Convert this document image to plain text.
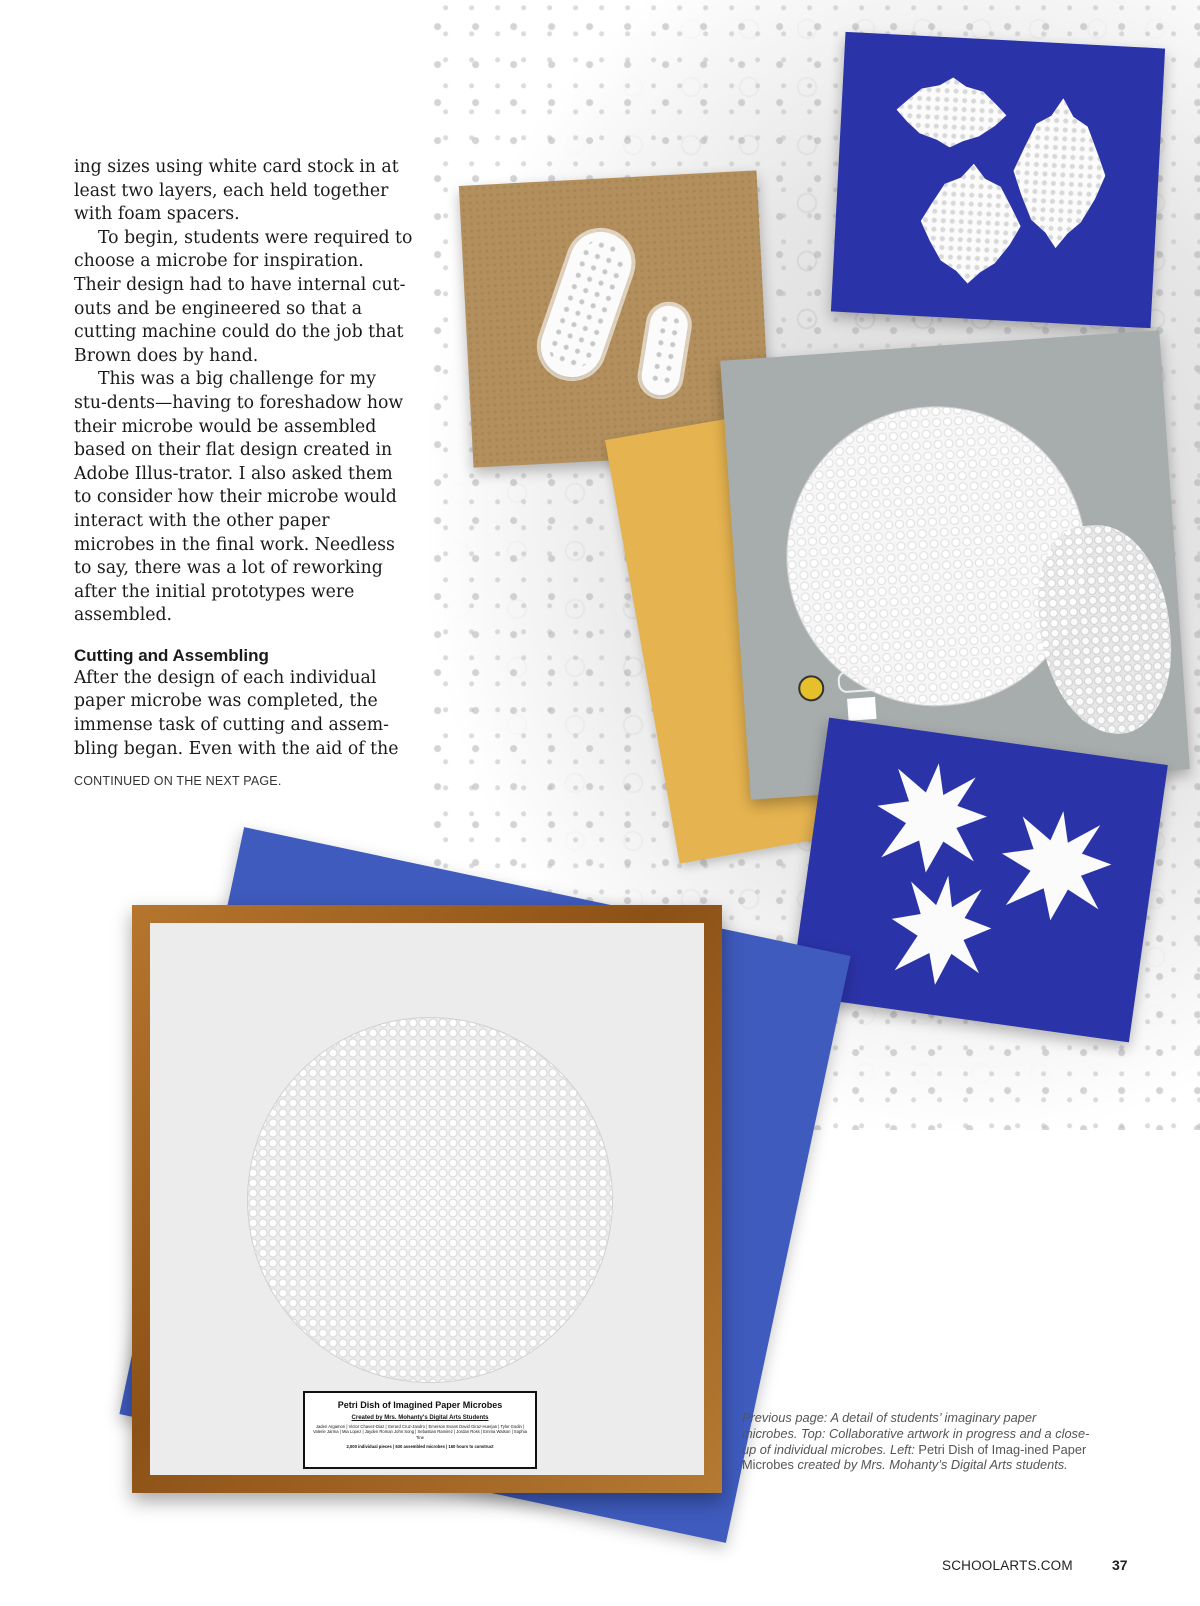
ing sizes using white card stock in at least two layers, each held together with foam spacers.

To begin, students were required to choose a microbe for inspiration. Their design had to have internal cut-outs and be engineered so that a cutting machine could do the job that Brown does by hand.

This was a big challenge for my stu-dents—having to foreshadow how their microbe would be assembled based on their flat design created in Adobe Illus-trator. I also asked them to consider how their microbe would interact with the other paper microbes in the final work. Needless to say, there was a lot of reworking after the initial prototypes were assembled.

Cutting and Assembling

After the design of each individual paper microbe was completed, the immense task of cutting and assem-bling began. Even with the aid of the

CONTINUED ON THE NEXT PAGE.
Petri Dish of Imagined Paper Microbes
Created by Mrs. Mohanty's Digital Arts Students
Jaden Argamon | Victor Chavez-Diaz | Gerard Cruz-Jandro | Emerson Evans David Giraz-Huerjan | Tylor Godin | Valerie Jarma | Mia Lopez | Jayden Roman John Song | Sebastian Ramirez | Jordan Ross | Emma Watson | Sophia Tine
2,000 individual pieces | 630 assembled microbes | 160 hours to construct
Previous page: A detail of students’ imaginary paper microbes. Top: Collaborative artwork in progress and a close-up of individual microbes. Left: Petri Dish of Imag-ined Paper Microbes created by Mrs. Mohanty’s Digital Arts students.
SCHOOLARTS.COM	37
